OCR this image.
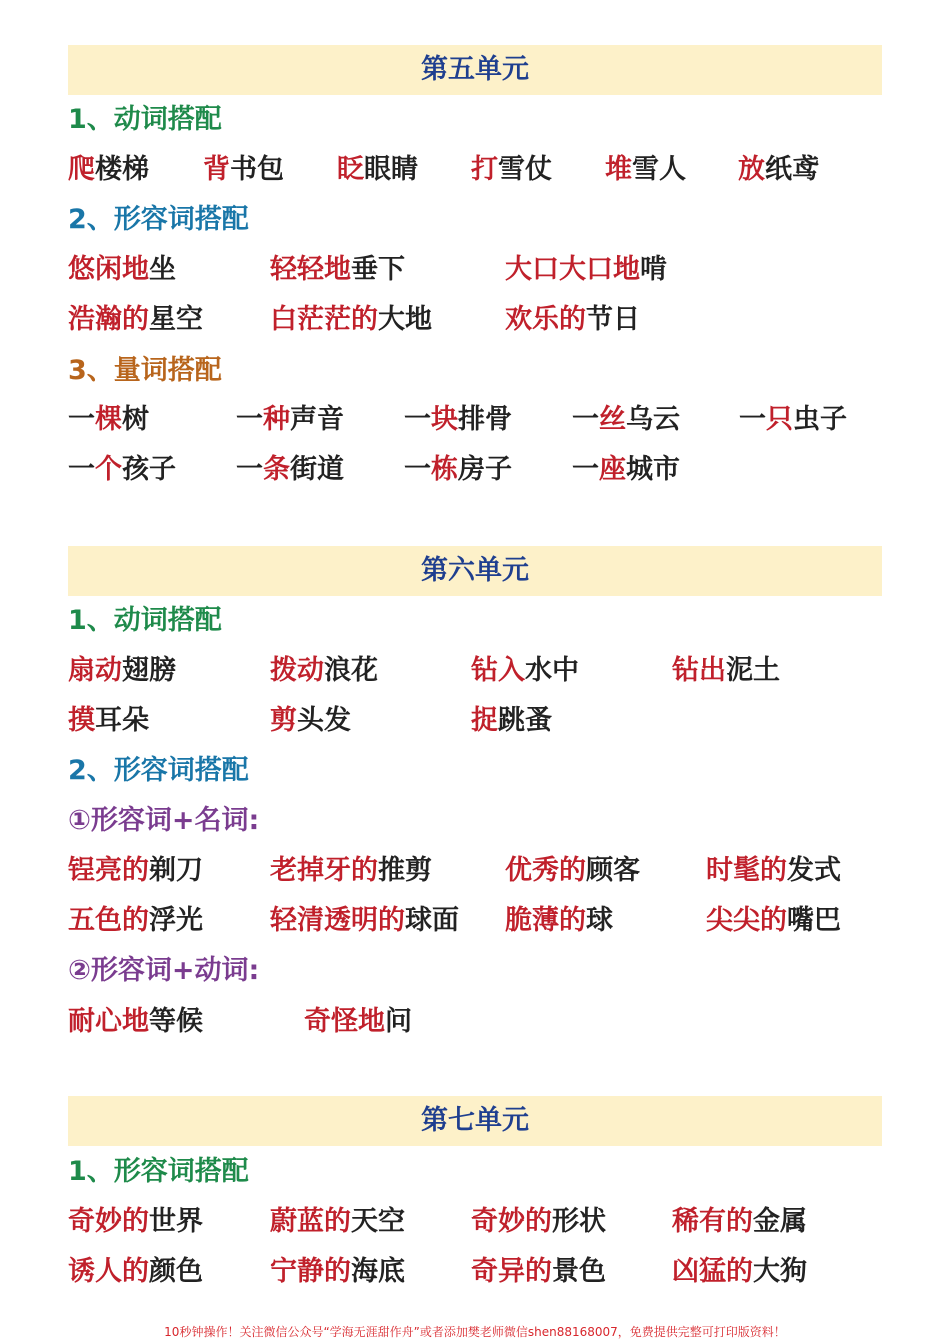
第五单元
1、动词搭配
爬楼梯 背书包 眨眼睛 打雪仗 堆雪人 放纸鸢
2、形容词搭配
悠闲地坐	轻轻地垂下	大口大口地啃
浩瀚的星空 白茫茫的大地	欢乐的节日
3、量词搭配
一棵树	一种声音 一块排骨 一丝乌云 一只虫子
一个孩子 一条街道 一栋房子 一座城市
第六单元
1、动词搭配
扇动翅膀	拨动浪花	钻入水中	钻出泥土
摸耳朵	剪头发	捉跳蚤
2、形容词搭配
①形容词+名词:
锃亮的剃刀 老掉牙的推剪	优秀的顾客 时髦的发式
五色的浮光 轻清透明的球面 脆薄的球	尖尖的嘴巴
②形容词+动词:
耐心地等候	奇怪地问
第七单元
1、形容词搭配
奇妙的世界 蔚蓝的天空 奇妙的形状 稀有的金属
诱人的颜色 宁静的海底 奇异的景色 凶猛的大狗
10秒钟操作！关注微信公众号“学海无涯甜作舟”或者添加樊老师微信shen88168007，免费提供完整可打印版资料！
